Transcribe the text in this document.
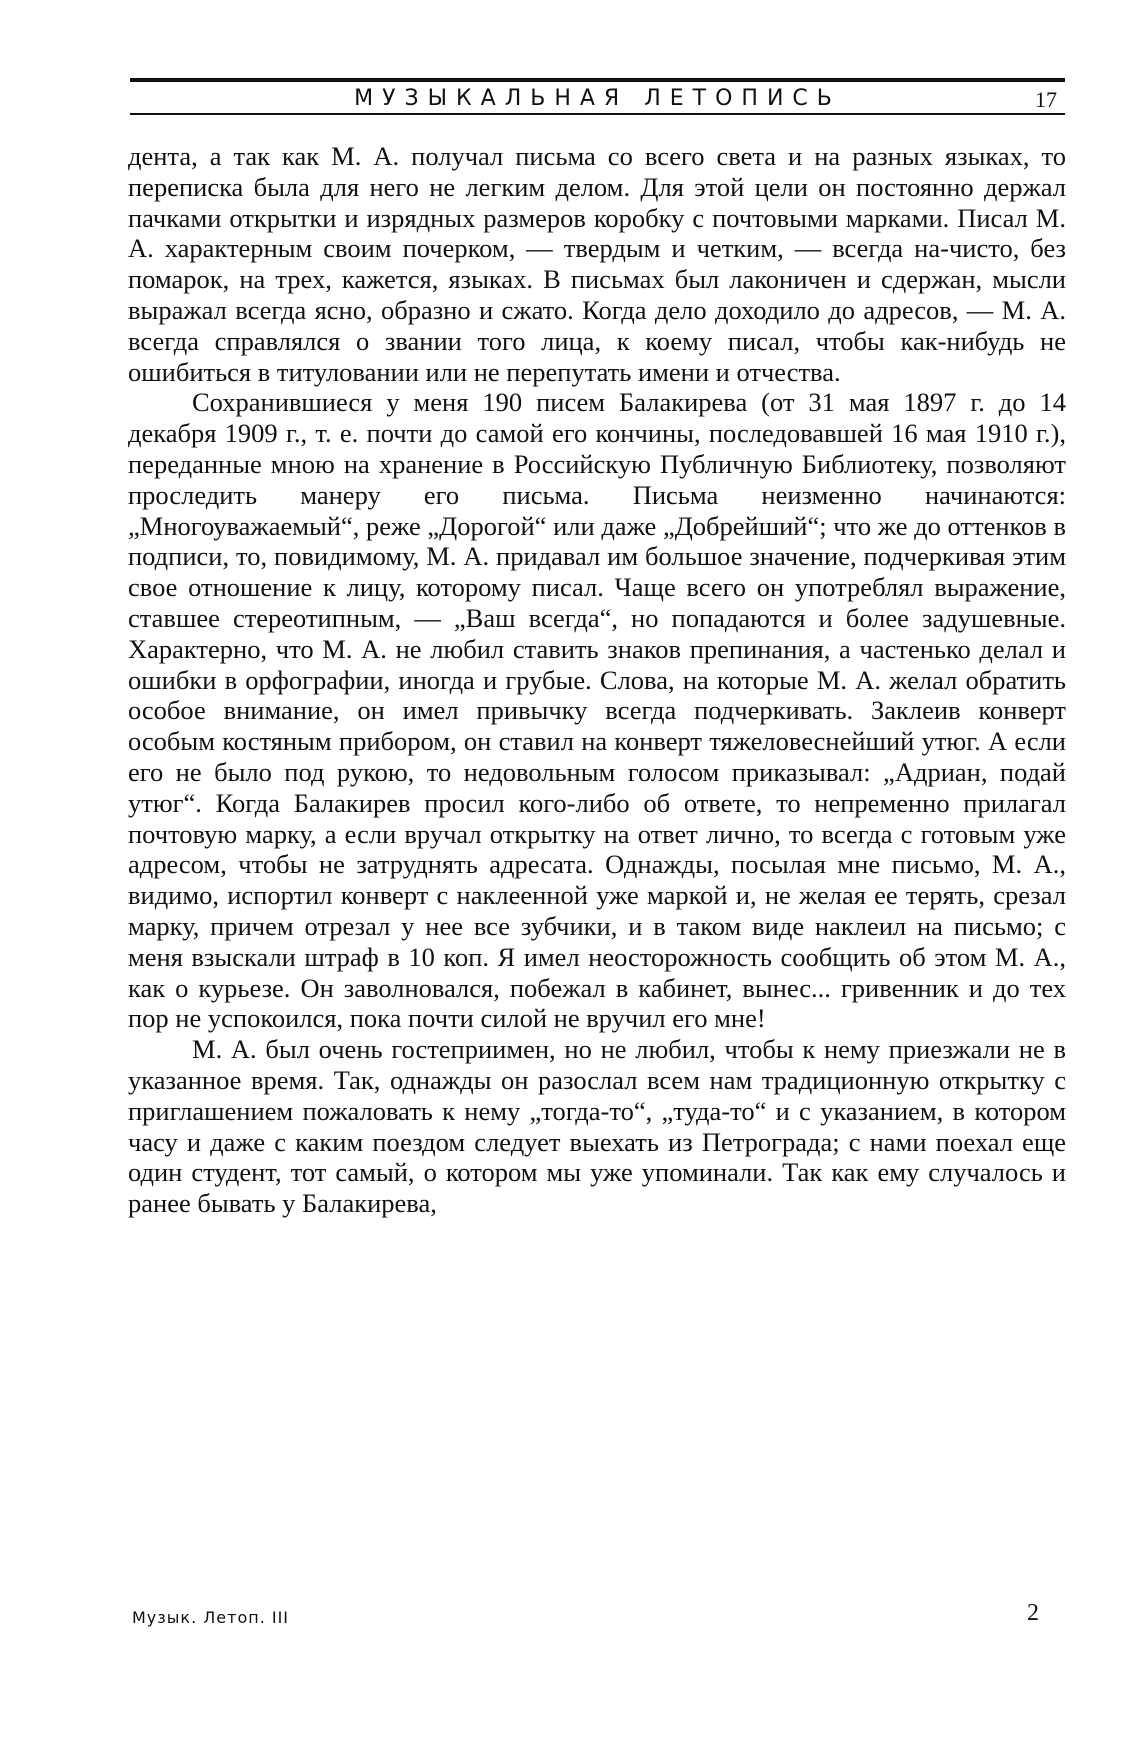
МУЗЫКАЛЬНАЯ ЛЕТОПИСЬ	17

дента, а так как М. А. получал письма со всего света и на разных языках, то переписка была для него не легким делом. Для этой цели он постоянно держал пачками открытки и изрядных размеров коробку с почтовыми марками. Писал М. А. характерным своим почерком, — твердым и четким, — всегда на-чисто, без помарок, на трех, кажется, языках. В письмах был лаконичен и сдержан, мысли выражал всегда ясно, образно и сжато. Когда дело доходило до адресов, — М. А. всегда справлялся о звании того лица, к коему писал, чтобы как-нибудь не ошибиться в титуловании или не перепутать имени и отчества.

Сохранившиеся у меня 190 писем Балакирева (от 31 мая 1897 г. до 14 декабря 1909 г., т. е. почти до самой его кончины, последовавшей 16 мая 1910 г.), переданные мною на хранение в Российскую Публичную Библиотеку, позволяют проследить манеру его письма. Письма неизменно начинаются: „Многоуважаемый“, реже „Дорогой“ или даже „Добрейший“; что же до оттенков в подписи, то, повидимому, М. А. придавал им большое значение, подчеркивая этим свое отношение к лицу, которому писал. Чаще всего он употреблял выражение, ставшее стереотипным, — „Ваш всегда“, но попадаются и более задушевные. Характерно, что М. А. не любил ставить знаков препинания, а частенько делал и ошибки в орфографии, иногда и грубые. Слова, на которые М. А. желал обратить особое внимание, он имел привычку всегда подчеркивать. Заклеив конверт особым костяным прибором, он ставил на конверт тяжеловеснейший утюг. А если его не было под рукою, то недовольным голосом приказывал: „Адриан, подай утюг“. Когда Балакирев просил кого-либо об ответе, то непременно прилагал почтовую марку, а если вручал открытку на ответ лично, то всегда с готовым уже адресом, чтобы не затруднять адресата. Однажды, посылая мне письмо, М. А., видимо, испортил конверт с наклеенной уже маркой и, не желая ее терять, срезал марку, причем отрезал у нее все зубчики, и в таком виде наклеил на письмо; с меня взыскали штраф в 10 коп. Я имел неосторожность сообщить об этом М. А., как о курьезе. Он заволновался, побежал в кабинет, вынес... гривенник и до тех пор не успокоился, пока почти силой не вручил его мне!

М. А. был очень гостеприимен, но не любил, чтобы к нему приезжали не в указанное время. Так, однажды он разослал всем нам традиционную открытку с приглашением пожаловать к нему „тогда-то“, „туда-то“ и с указанием, в котором часу и даже с каким поездом следует выехать из Петрограда; с нами поехал еще один студент, тот самый, о котором мы уже упоминали. Так как ему случалось и ранее бывать у Балакирева,

Музык. Летоп. III	2
